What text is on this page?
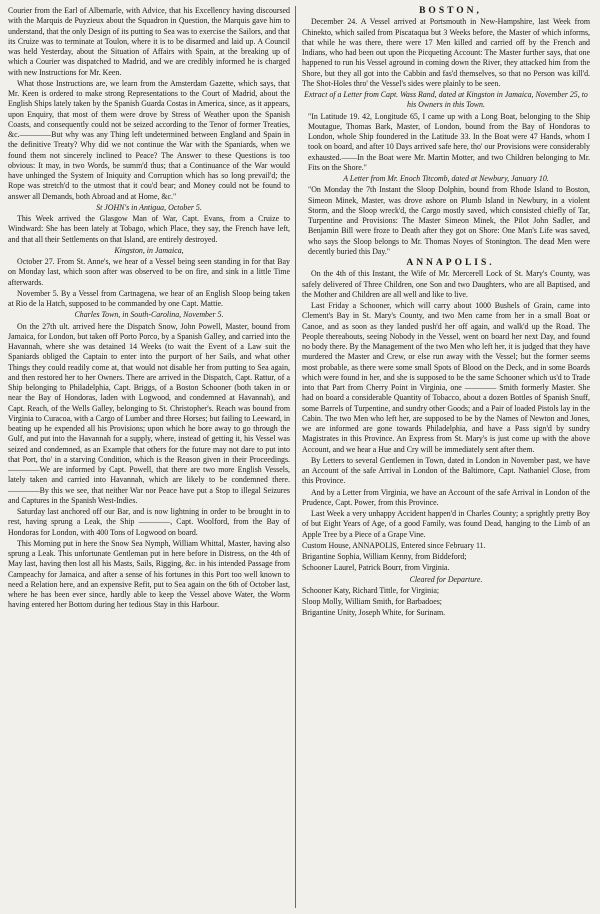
Courier from the Earl of Albemarle, with Advice, that his Excellency having discoursed with the Marquis de Puyzieux about the Squadron in Question, the Marquis gave him to understand, that the only Design of its putting to Sea was to exercise the Sailors, and that its Cruize was to terminate at Toulon, where it is to be disarmed and laid up. A Council was held Yesterday, about the Situation of Affairs with Spain, at the breaking up of which a Courier was dispatched to Madrid, and we are credibly informed he is charged with new Instructions for Mr. Keen.

What those Instructions are, we learn from the Amsterdam Gazette, which says, that Mr. Keen is ordered to make strong Representations to the Court of Madrid, about the English Ships lately taken by the Spanish Guarda Costas in America, since, as it appears, upon Enquiry, that most of them were drove by Stress of Weather upon the Spanish Coasts, and consequently could not be seized according to the Tenor of former Treaties, &c.————But why was any Thing left undetermined between England and Spain in the definitive Treaty? Why did we not continue the War with the Spaniards, when we found them not sincerely inclined to Peace? The Answer to these Questions is too obvious: It may, in two Words, be summ'd thus; that a Continuance of the War would have unhinged the System of Iniquity and Corruption which has so long prevail'd; the Rope was stretch'd to the utmost that it cou'd bear; and Money could not be found to answer all Demands, both Abroad and at Home, &c."

St JOHN's in Antigua, October 5.

This Week arrived the Glasgow Man of War, Capt. Evans, from a Cruize to Windward: She has been lately at Tobago, which Place, they say, the French have left, and that all their Settlements on that Island, are entirely destroyed.

Kingston, in Jamaica,

October 27. From St. Anne's, we hear of a Vessel being seen standing in for that Bay on Monday last, which soon after was observed to be on fire, and sink in a little Time afterwards.

November 5. By a Vessel from Cartnagena, we hear of an English Sloop being taken at Rio de la Hatch, supposed to be commanded by one Capt. Mattie.

Charles Town, in South-Carolina, November 5.

On the 27th ult. arrived here the Dispatch Snow, John Powell, Master, bound from Jamaica, for London, but taken off Porto Porco, by a Spanish Galley, and carried into the Havannah, where she was detained 14 Weeks (to wait the Event of a Law suit the Spaniards obliged the Captain to enter into the purport of her Sails, and what other Things they could readily come at, that would not disable her from putting to Sea again, and then restored her to her Owners. There are arrived in the Dispatch, Capt. Rattur, of a Ship belonging to Philadelphia, Capt. Briggs, of a Boston Schooner (both taken in or near the Bay of Hondoras, laden with Logwood, and condemned at Havannah), and Capt. Reach, of the Wells Galley, belonging to St. Christopher's. Reach was bound from Virginia to Curacoa, with a Cargo of Lumber and three Horses; but failing to Leeward, in beating up he expended all his Provisions; upon which he bore away to go through the Gulf, and put into the Havannah for a supply, where, instead of getting it, his Vessel was seized and condemned, as an Example that others for the future may not dare to put into that Port, tho' in a starving Condition, which is the Reason given in their Proceedings.————We are informed by Capt. Powell, that there are two more English Vessels, lately taken and carried into Havannah, which are likely to be condemned there.————By this we see, that neither War nor Peace have put a Stop to illegal Seizures and Captures in the Spanish West-Indies.

Saturday last anchored off our Bar, and is now lightning in order to be brought in to rest, having sprung a Leak, the Ship ————, Capt. Woolford, from the Bay of Hondoras for London, with 400 Tons of Logwood on board.

This Morning put in here the Snow Sea Nymph, William Whittal, Master, having also sprung a Leak. This unfortunate Gentleman put in here before in Distress, on the 4th of May last, having then lost all his Masts, Sails, Rigging, &c. in his intended Passage from Campeachy for Jamaica, and after a sense of his fortunes in this Port too well known to need a Relation here, and an expensive Refit, put to Sea again on the 6th of October last, where he has been ever since, hardly able to keep the Vessel above Water, the Worm having entered her Bottom during her tedious Stay in this Harbour.

BOSTON,

December 24. A Vessel arrived at Portsmouth in New-Hampshire, last Week from Chinekto, which sailed from Piscataqua but 3 Weeks before, the Master of which informs, that while he was there, there were 17 Men killed and carried off by the French and Indians, who had been out upon the Picqueting Account: The Master further says, that one happened to run his Vessel aground in coming down the River, they attacked him from the Shore, but they all got into the Cabbin and fas'd themselves, so that no Person was kill'd. The Shot-Holes thro' the Vessel's sides were plainly to be seen.

Extract of a Letter from Capt. Wass Rand, dated at Kingston in Jamaica, November 25, to his Owners in this Town.

"In Latitude 19. 42, Longitude 65, I came up with a Long Boat, belonging to the Ship Moutague, Thomas Bark, Master, of London, bound from the Bay of Hondoras to London, whole Ship foundered in the Latitude 33. In the Boat were 47 Hands, whom I took on board, and after 10 Days arrived safe here, tho' our Provisions were considerably exhausted.——In the Boat were Mr. Martin Motter, and two Children belonging to Mr. Fits on the Shore."

A Letter from Mr. Enoch Titcomb, dated at Newbury, January 10.

"On Monday the 7th Instant the Sloop Dolphin, bound from Rhode Island to Boston, Simeon Minek, Master, was drove ashore on Plumb Island in Newbury, in a violent Storm, and the Sloop wreck'd, the Cargo mostly saved, which consisted chiefly of Tar, Turpentine and Provisions: The Master Simeon Minek, the Pilot John Sadler, and Benjamin Bill were froze to Death after they got on Shore: One Man's Life was saved, who says the Sloop belongs to Mr. Thomas Noyes of Stonington. The dead Men were decently buried this Day."

ANNAPOLIS.

On the 4th of this Instant, the Wife of Mr. Mercerell Lock of St. Mary's County, was safely delivered of Three Children, one Son and two Daughters, who are all Baptised, and the Mother and Children are all well and like to live.

Last Friday a Schooner, which will carry about 1000 Bushels of Grain, came into Clement's Bay in St. Mary's County, and two Men came from her in a small Boat or Canoe, and as soon as they landed push'd her off again, and walk'd up the Road. The People thereabouts, seeing Nobody in the Vessel, went on board her next Day, and found no body there. By the Management of the two Men who left her, it is judged that they have murdered the Master and Crew, or else run away with the Vessel; but the former seems most probable, as there were some small Spots of Blood on the Deck, and in some Boards which were found in her, and she is supposed to be the same Schooner which us'd to Trade into that Part from Cherry Point in Virginia, one ———— Smith formerly Master. She had on board a considerable Quantity of Tobacco, about a dozen Bottles of Spanish Snuff, some Barrels of Turpentine, and sundry other Goods; and a Pair of loaded Pistols lay in the Cabin. The two Men who left her, are supposed to be by the Names of Newton and Jones, we are informed are gone towards Philadelphia, and have a Pass sign'd by sundry Magistrates in this Province. An Express from St. Mary's is just come up with the above Account, and we hear a Hue and Cry will be immediately sent after them.

By Letters to several Gentlemen in Town, dated in London in November past, we have an Account of the safe Arrival in London of the Baltimore, Capt. Nathaniel Close, from this Province.

And by a Letter from Virginia, we have an Account of the safe Arrival in London of the Prudence, Capt. Power, from this Province.

Last Week a very unhappy Accident happen'd in Charles County; a sprightly pretty Boy of but Eight Years of Age, of a good Family, was found Dead, hanging to the Limb of an Apple Tree by a Piece of a Grape Vine.

Custom House, ANNAPOLIS, Entered since February 11.

Brigantine Sophia, William Kenny, from Biddeford;

Schooner Laurel, Patrick Bourr, from Virginia.

Cleared for Departure.

Schooner Katy, Richard Tittle, for Virginia;

Sloop Molly, William Smith, for Barbadoes;

Brigantine Unity, Joseph White, for Surinam.
